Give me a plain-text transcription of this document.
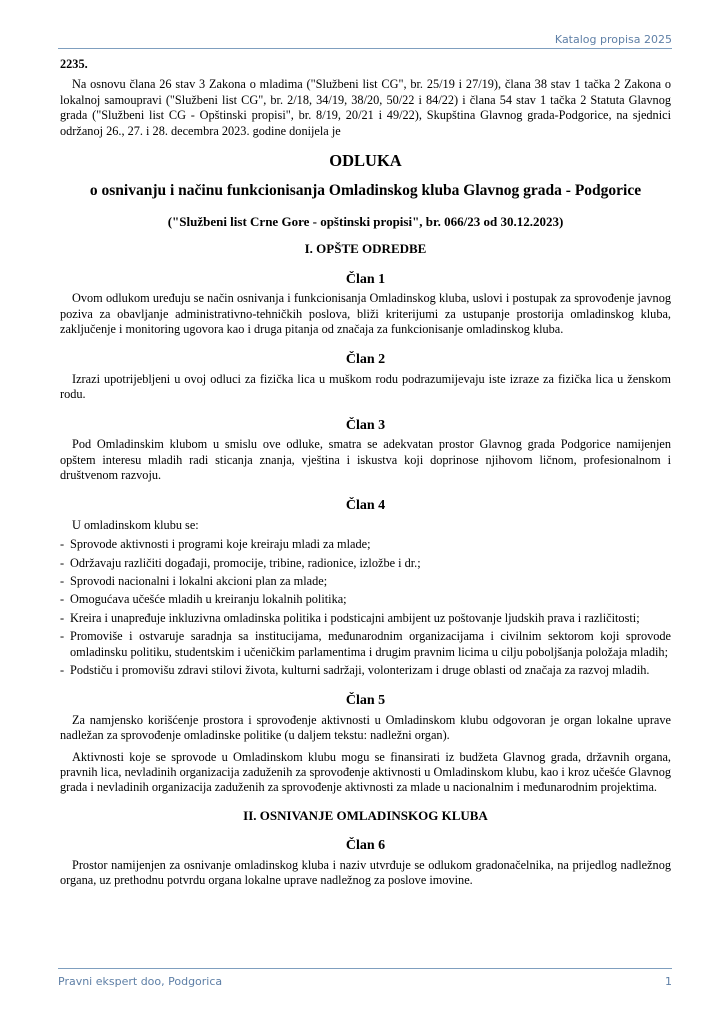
Katalog propisa 2025
2235.

Na osnovu člana 26 stav 3 Zakona o mladima ("Službeni list CG", br. 25/19 i 27/19), člana 38 stav 1 tačka 2 Zakona o lokalnoj samoupravi ("Službeni list CG", br. 2/18, 34/19, 38/20, 50/22 i 84/22) i člana 54 stav 1 tačka 2 Statuta Glavnog grada ("Službeni list CG - Opštinski propisi", br. 8/19, 20/21 i 49/22), Skupština Glavnog grada-Podgorice, na sjednici održanoj 26., 27. i 28. decembra 2023. godine donijela je

ODLUKA
o osnivanju i načinu funkcionisanja Omladinskog kluba Glavnog grada - Podgorice
("Službeni list Crne Gore - opštinski propisi", br. 066/23 od 30.12.2023)
I. OPŠTE ODREDBE
Član 1

Ovom odlukom uređuju se način osnivanja i funkcionisanja Omladinskog kluba, uslovi i postupak za sprovođenje javnog poziva za obavljanje administrativno-tehničkih poslova, bliži kriterijumi za ustupanje prostorija omladinskog kluba, zaključenje i monitoring ugovora kao i druga pitanja od značaja za funkcionisanje omladinskog kluba.

Član 2

Izrazi upotrijebljeni u ovoj odluci za fizička lica u muškom rodu podrazumijevaju iste izraze za fizička lica u ženskom rodu.

Član 3

Pod Omladinskim klubom u smislu ove odluke, smatra se adekvatan prostor Glavnog grada Podgorice namijenjen opštem interesu mladih radi sticanja znanja, vještina i iskustva koji doprinose njihovom ličnom, profesionalnom i društvenom razvoju.

Član 4

U omladinskom klubu se:

- Sprovode aktivnosti i programi koje kreiraju mladi za mlade;
- Održavaju različiti događaji, promocije, tribine, radionice, izložbe i dr.;
- Sprovodi nacionalni i lokalni akcioni plan za mlade;
- Omogućava učešće mladih u kreiranju lokalnih politika;
- Kreira i unapređuje inkluzivna omladinska politika i podsticajni ambijent uz poštovanje ljudskih prava i različitosti;
- Promoviše i ostvaruje saradnja sa institucijama, međunarodnim organizacijama i civilnim sektorom koji sprovode omladinsku politiku, studentskim i učeničkim parlamentima i drugim pravnim licima u cilju poboljšanja položaja mladih;
- Podstiču i promovišu zdravi stilovi života, kulturni sadržaji, volonterizam i druge oblasti od značaja za razvoj mladih.
Član 5

Za namjensko korišćenje prostora i sprovođenje aktivnosti u Omladinskom klubu odgovoran je organ lokalne uprave nadležan za sprovođenje omladinske politike (u daljem tekstu: nadležni organ).

Aktivnosti koje se sprovode u Omladinskom klubu mogu se finansirati iz budžeta Glavnog grada, državnih organa, pravnih lica, nevladinih organizacija zaduženih za sprovođenje aktivnosti u Omladinskom klubu, kao i kroz učešće Glavnog grada i nevladinih organizacija zaduženih za sprovođenje aktivnosti za mlade u nacionalnim i međunarodnim projektima.

II. OSNIVANJE OMLADINSKOG KLUBA
Član 6

Prostor namijenjen za osnivanje omladinskog kluba i naziv utvrđuje se odlukom gradonačelnika, na prijedlog nadležnog organa, uz prethodnu potvrdu organa lokalne uprave nadležnog za poslove imovine.

Pravni ekspert doo, Podgorica	1
